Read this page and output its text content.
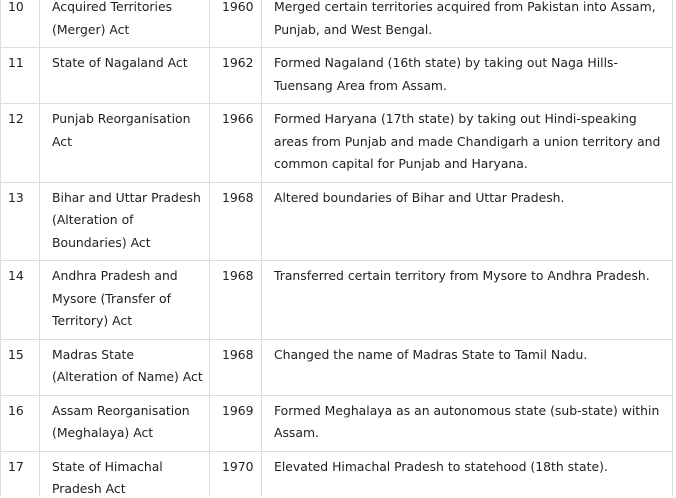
10	Acquired Territories (Merger) Act	1960	Merged certain territories acquired from Pakistan into Assam, Punjab, and West Bengal.
11	State of Nagaland Act	1962	Formed Nagaland (16th state) by taking out Naga Hills-Tuensang Area from Assam.
12	Punjab Reorganisation Act	1966	Formed Haryana (17th state) by taking out Hindi-speaking areas from Punjab and made Chandigarh a union territory and common capital for Punjab and Haryana.
13	Bihar and Uttar Pradesh (Alteration of Boundaries) Act	1968	Altered boundaries of Bihar and Uttar Pradesh.
14	Andhra Pradesh and Mysore (Transfer of Territory) Act	1968	Transferred certain territory from Mysore to Andhra Pradesh.
15	Madras State (Alteration of Name) Act	1968	Changed the name of Madras State to Tamil Nadu.
16	Assam Reorganisation (Meghalaya) Act	1969	Formed Meghalaya as an autonomous state (sub-state) within Assam.
17	State of Himachal Pradesh Act	1970	Elevated Himachal Pradesh to statehood (18th state).
